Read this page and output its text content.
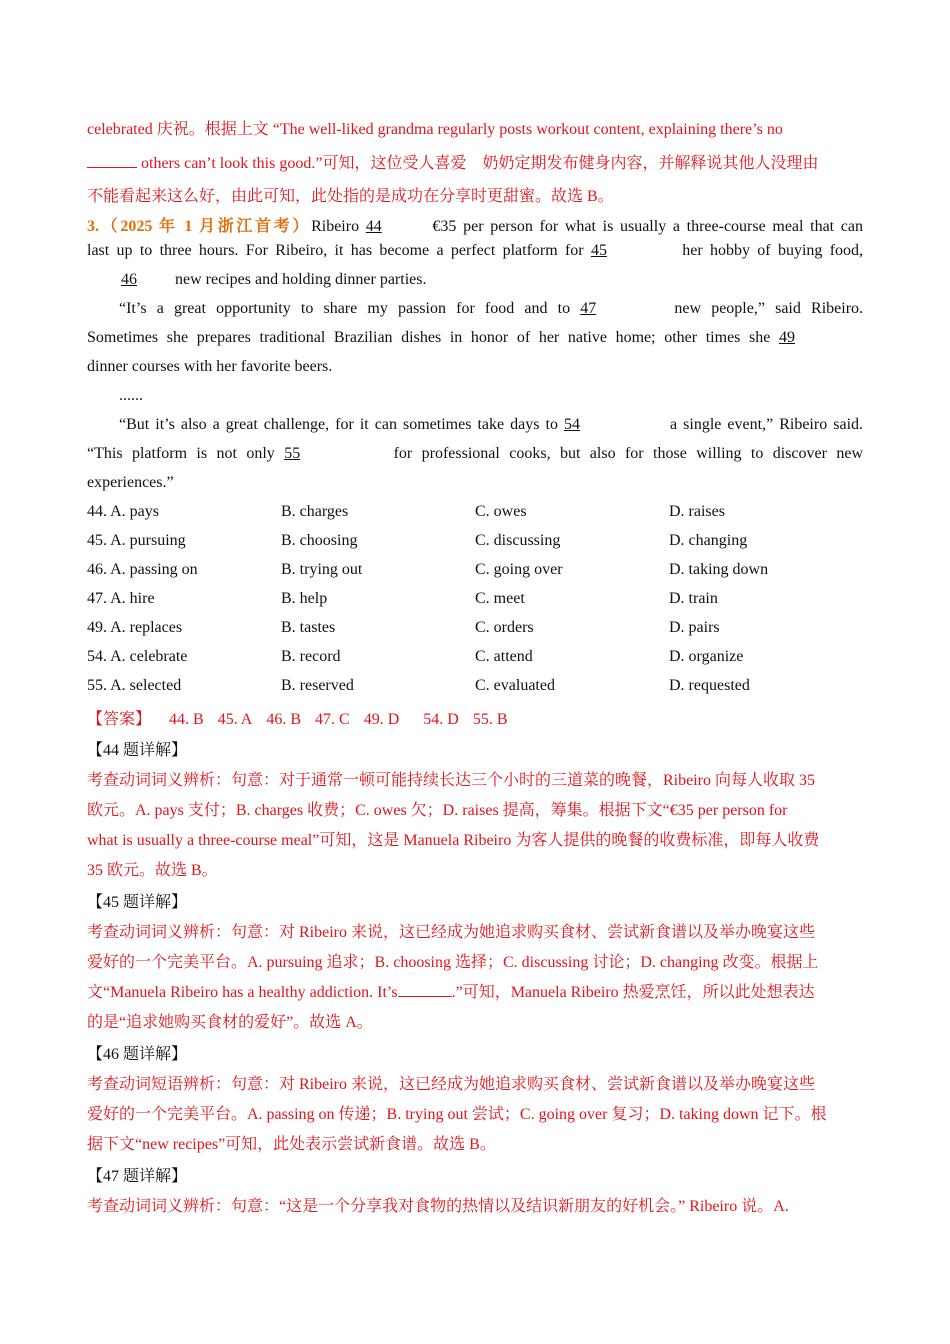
celebrated 庆祝。根据上文 “The well-liked grandma regularly posts workout content, explaining there’s no

others can’t look this good.”可知，这位受人喜爱　奶奶定期发布健身内容，并解释说其他人没理由

不能看起来这么好，由此可知，此处指的是成功在分享时更甜蜜。故选 B。

3.（2025 年 1 月浙江首考）Ribeiro 44	€35 per person for what is usually a three-course meal that can

last up to three hours. For Ribeiro, it has become a perfect platform for 45	her hobby of buying food,

46 new recipes and holding dinner parties.

“It’s a great opportunity to share my passion for food and to 47	new people,” said Ribeiro.

Sometimes she prepares traditional Brazilian dishes in honor of her native home; other times she 49

dinner courses with her favorite beers.

......

“But it’s also a great challenge, for it can sometimes take days to 54	a single event,” Ribeiro said.

“This platform is not only 55	for professional cooks, but also for those willing to discover new

experiences.”

44. A. pays	B. charges	C. owes	D. raises
45. A. pursuing	B. choosing	C. discussing	D. changing
46. A. passing on	B. trying out	C. going over	D. taking down
47. A. hire	B. help	C. meet	D. train
49. A. replaces	B. tastes	C. orders	D. pairs
54. A. celebrate	B. record	C. attend	D. organize
55. A. selected	B. reserved	C. evaluated	D. requested

【答案】 44. B 45. A 46. B 47. C 49. D 54. D 55. B

【44 题详解】

考查动词词义辨析：句意：对于通常一顿可能持续长达三个小时的三道菜的晚餐，Ribeiro 向每人收取 35

欧元。A. pays 支付；B. charges 收费；C. owes 欠；D. raises 提高，筹集。根据下文“€35 per person for

what is usually a three-course meal”可知，这是 Manuela Ribeiro 为客人提供的晚餐的收费标准，即每人收费

35 欧元。故选 B。

【45 题详解】

考查动词词义辨析：句意：对 Ribeiro 来说，这已经成为她追求购买食材、尝试新食谱以及举办晚宴这些

爱好的一个完美平台。A. pursuing 追求；B. choosing 选择；C. discussing 讨论；D. changing 改变。根据上

文“Manuela Ribeiro has a healthy addiction. It’s	.”可知，Manuela Ribeiro 热爱烹饪，所以此处想表达

的是“追求她购买食材的爱好”。故选 A。

【46 题详解】

考查动词短语辨析：句意：对 Ribeiro 来说，这已经成为她追求购买食材、尝试新食谱以及举办晚宴这些

爱好的一个完美平台。A. passing on 传递；B. trying out 尝试；C. going over 复习；D. taking down 记下。根

据下文“new recipes”可知，此处表示尝试新食谱。故选 B。

【47 题详解】

考查动词词义辨析：句意：“这是一个分享我对食物的热情以及结识新朋友的好机会。” Ribeiro 说。A.
